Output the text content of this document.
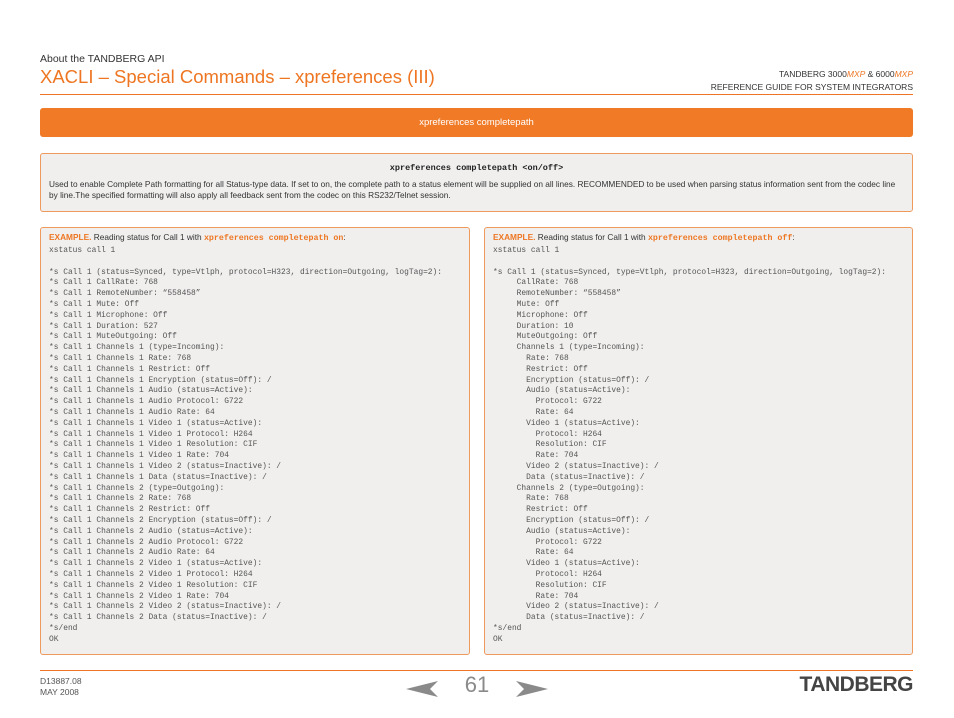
About the TANDBERG API
XACLI – Special Commands – xpreferences (III)	TANDBERG 3000MXP & 6000MXP
REFERENCE GUIDE FOR SYSTEM INTEGRATORS
xpreferences completepath
xpreferences completepath <on/off>
Used to enable Complete Path formatting for all Status-type data. If set to on, the complete path to a status element will be supplied on all lines. RECOMMENDED to be used when parsing status information sent from the codec line by line.The specified formatting will also apply all feedback sent from the codec on this RS232/Telnet session.
EXAMPLE. Reading status for Call 1 with xpreferences completepath on:
xstatus call 1

*s Call 1 (status=Synced, type=Vtlph, protocol=H323, direction=Outgoing, logTag=2):
*s Call 1 CallRate: 768
*s Call 1 RemoteNumber: “558458”
*s Call 1 Mute: Off
*s Call 1 Microphone: Off
*s Call 1 Duration: 527
*s Call 1 MuteOutgoing: Off
*s Call 1 Channels 1 (type=Incoming):
*s Call 1 Channels 1 Rate: 768
*s Call 1 Channels 1 Restrict: Off
*s Call 1 Channels 1 Encryption (status=Off): /
*s Call 1 Channels 1 Audio (status=Active):
*s Call 1 Channels 1 Audio Protocol: G722
*s Call 1 Channels 1 Audio Rate: 64
*s Call 1 Channels 1 Video 1 (status=Active):
*s Call 1 Channels 1 Video 1 Protocol: H264
*s Call 1 Channels 1 Video 1 Resolution: CIF
*s Call 1 Channels 1 Video 1 Rate: 704
*s Call 1 Channels 1 Video 2 (status=Inactive): /
*s Call 1 Channels 1 Data (status=Inactive): /
*s Call 1 Channels 2 (type=Outgoing):
*s Call 1 Channels 2 Rate: 768
*s Call 1 Channels 2 Restrict: Off
*s Call 1 Channels 2 Encryption (status=Off): /
*s Call 1 Channels 2 Audio (status=Active):
*s Call 1 Channels 2 Audio Protocol: G722
*s Call 1 Channels 2 Audio Rate: 64
*s Call 1 Channels 2 Video 1 (status=Active):
*s Call 1 Channels 2 Video 1 Protocol: H264
*s Call 1 Channels 2 Video 1 Resolution: CIF
*s Call 1 Channels 2 Video 1 Rate: 704
*s Call 1 Channels 2 Video 2 (status=Inactive): /
*s Call 1 Channels 2 Data (status=Inactive): /
*s/end
OK
EXAMPLE. Reading status for Call 1 with xpreferences completepath off:
xstatus call 1

*s Call 1 (status=Synced, type=Vtlph, protocol=H323, direction=Outgoing, logTag=2):
CallRate: 768
RemoteNumber: “558458”
Mute: Off
Microphone: Off
Duration: 10
MuteOutgoing: Off
Channels 1 (type=Incoming):
Rate: 768
Restrict: Off
Encryption (status=Off): /
Audio (status=Active):
Protocol: G722
Rate: 64
Video 1 (status=Active):
Protocol: H264
Resolution: CIF
Rate: 704
Video 2 (status=Inactive): /
Data (status=Inactive): /
Channels 2 (type=Outgoing):
Rate: 768
Restrict: Off
Encryption (status=Off): /
Audio (status=Active):
Protocol: G722
Rate: 64
Video 1 (status=Active):
Protocol: H264
Resolution: CIF
Rate: 704
Video 2 (status=Inactive): /
Data (status=Inactive): /
*s/end
OK
D13887.08
MAY 2008	61	TANDBERG
